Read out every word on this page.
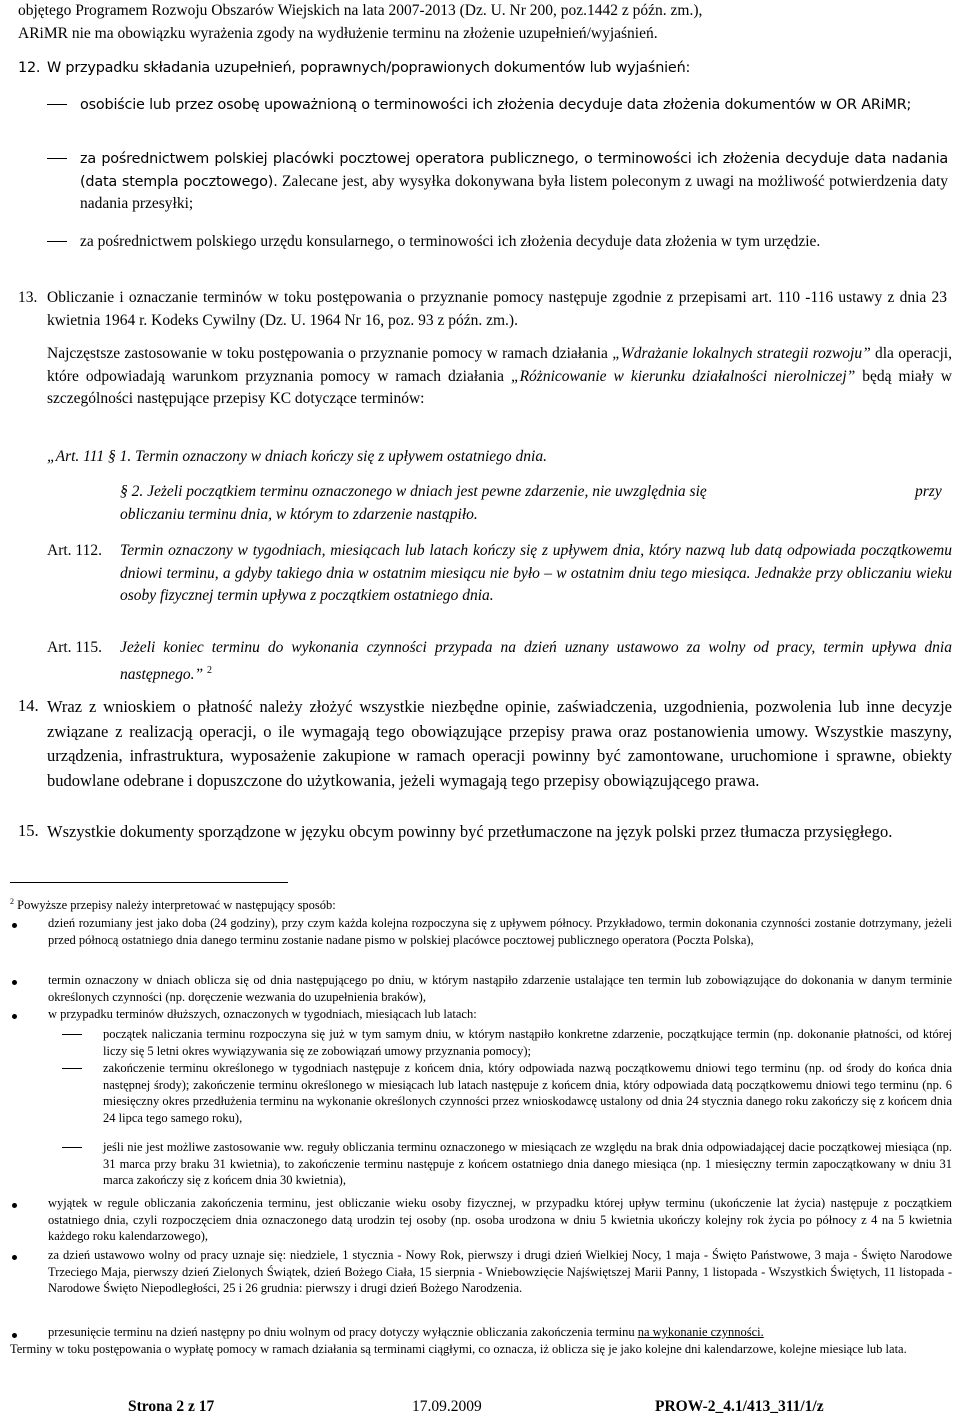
objętego Programem Rozwoju Obszarów Wiejskich na lata 2007-2013 (Dz. U. Nr 200, poz.1442 z późn. zm.),
ARiMR nie ma obowiązku wyrażenia zgody na wydłużenie terminu na złożenie uzupełnień/wyjaśnień.
12. W przypadku składania uzupełnień, poprawnych/poprawionych dokumentów lub wyjaśnień:
osobiście lub przez osobę upoważnioną o terminowości ich złożenia decyduje data złożenia dokumentów w OR ARiMR;
za pośrednictwem polskiej placówki pocztowej operatora publicznego, o terminowości ich złożenia decyduje data nadania (data stempla pocztowego). Zalecane jest, aby wysyłka dokonywana była listem poleconym z uwagi na możliwość potwierdzenia daty nadania przesyłki;
za pośrednictwem polskiego urzędu konsularnego, o terminowości ich złożenia decyduje data złożenia w tym urzędzie.
13. Obliczanie i oznaczanie terminów w toku postępowania o przyznanie pomocy następuje zgodnie z przepisami art. 110 -116 ustawy z dnia 23 kwietnia 1964 r. Kodeks Cywilny (Dz. U. 1964 Nr 16, poz. 93 z późn. zm.).
Najczęstsze zastosowanie w toku postępowania o przyznanie pomocy w ramach działania „Wdrażanie lokalnych strategii rozwoju” dla operacji, które odpowiadają warunkom przyznania pomocy w ramach działania „Różnicowanie w kierunku działalności nierolniczej” będą miały w szczególności następujące przepisy KC dotyczące terminów:
„Art. 111 § 1. Termin oznaczony w dniach kończy się z upływem ostatniego dnia.
§ 2. Jeżeli początkiem terminu oznaczonego w dniach jest pewne zdarzenie, nie uwzględnia się	przy
obliczaniu terminu dnia, w którym to zdarzenie nastąpiło.
Art. 112. Termin oznaczony w tygodniach, miesiącach lub latach kończy się z upływem dnia, który nazwą lub datą odpowiada początkowemu dniowi terminu, a gdyby takiego dnia w ostatnim miesiącu nie było – w ostatnim dniu tego miesiąca. Jednakże przy obliczaniu wieku osoby fizycznej termin upływa z początkiem ostatniego dnia.
Art. 115. Jeżeli koniec terminu do wykonania czynności przypada na dzień uznany ustawowo za wolny od pracy, termin upływa dnia następnego.” $^2$
14. Wraz z wnioskiem o płatność należy złożyć wszystkie niezbędne opinie, zaświadczenia, uzgodnienia, pozwolenia lub inne decyzje związane z realizacją operacji, o ile wymagają tego obowiązujące przepisy prawa oraz postanowienia umowy. Wszystkie maszyny, urządzenia, infrastruktura, wyposażenie zakupione w ramach operacji powinny być zamontowane, uruchomione i sprawne, obiekty budowlane odebrane i dopuszczone do użytkowania, jeżeli wymagają tego przepisy obowiązującego prawa.
15. Wszystkie dokumenty sporządzone w języku obcym powinny być przetłumaczone na język polski przez tłumacza przysięgłego.
$^2$ Powyższe przepisy należy interpretować w następujący sposób:
dzień rozumiany jest jako doba (24 godziny), przy czym każda kolejna rozpoczyna się z upływem północy. Przykładowo, termin dokonania czynności zostanie dotrzymany, jeżeli przed północą ostatniego dnia danego terminu zostanie nadane pismo w polskiej placówce pocztowej publicznego operatora (Poczta Polska),
termin oznaczony w dniach oblicza się od dnia następującego po dniu, w którym nastąpiło zdarzenie ustalające ten termin lub zobowiązujące do dokonania w danym terminie określonych czynności (np. doręczenie wezwania do uzupełnienia braków),
w przypadku terminów dłuższych, oznaczonych w tygodniach, miesiącach lub latach:
początek naliczania terminu rozpoczyna się już w tym samym dniu, w którym nastąpiło konkretne zdarzenie, początkujące termin (np. dokonanie płatności, od której liczy się 5 letni okres wywiązywania się ze zobowiązań umowy przyznania pomocy);
zakończenie terminu określonego w tygodniach następuje z końcem dnia, który odpowiada nazwą początkowemu dniowi tego terminu (np. od środy do końca dnia następnej środy); zakończenie terminu określonego w miesiącach lub latach następuje z końcem dnia, który odpowiada datą początkowemu dniowi tego terminu (np. 6 miesięczny okres przedłużenia terminu na wykonanie określonych czynności przez wnioskodawcę ustalony od dnia 24 stycznia danego roku zakończy się z końcem dnia 24 lipca tego samego roku),
jeśli nie jest możliwe zastosowanie ww. reguły obliczania terminu oznaczonego w miesiącach ze względu na brak dnia odpowiadającej dacie początkowej miesiąca (np. 31 marca przy braku 31 kwietnia), to zakończenie terminu następuje z końcem ostatniego dnia danego miesiąca (np. 1 miesięczny termin zapoczątkowany w dniu 31 marca zakończy się z końcem dnia 30 kwietnia),
wyjątek w regule obliczania zakończenia terminu, jest obliczanie wieku osoby fizycznej, w przypadku której upływ terminu (ukończenie lat życia) następuje z początkiem ostatniego dnia, czyli rozpoczęciem dnia oznaczonego datą urodzin tej osoby (np. osoba urodzona w dniu 5 kwietnia ukończy kolejny rok życia po północy z 4 na 5 kwietnia każdego roku kalendarzowego),
za dzień ustawowo wolny od pracy uznaje się: niedziele, 1 stycznia - Nowy Rok, pierwszy i drugi dzień Wielkiej Nocy, 1 maja - Święto Państwowe, 3 maja - Święto Narodowe Trzeciego Maja, pierwszy dzień Zielonych Świątek, dzień Bożego Ciała, 15 sierpnia - Wniebowzięcie Najświętszej Marii Panny, 1 listopada - Wszystkich Świętych, 11 listopada - Narodowe Święto Niepodległości, 25 i 26 grudnia: pierwszy i drugi dzień Bożego Narodzenia.
przesunięcie terminu na dzień następny po dniu wolnym od pracy dotyczy wyłącznie obliczania zakończenia terminu na wykonanie czynności.
Terminy w toku postępowania o wypłatę pomocy w ramach działania są terminami ciągłymi, co oznacza, iż oblicza się je jako kolejne dni kalendarzowe, kolejne miesiące lub lata.
Strona 2 z 17	17.09.2009	PROW-2_4.1/413_311/1/z
